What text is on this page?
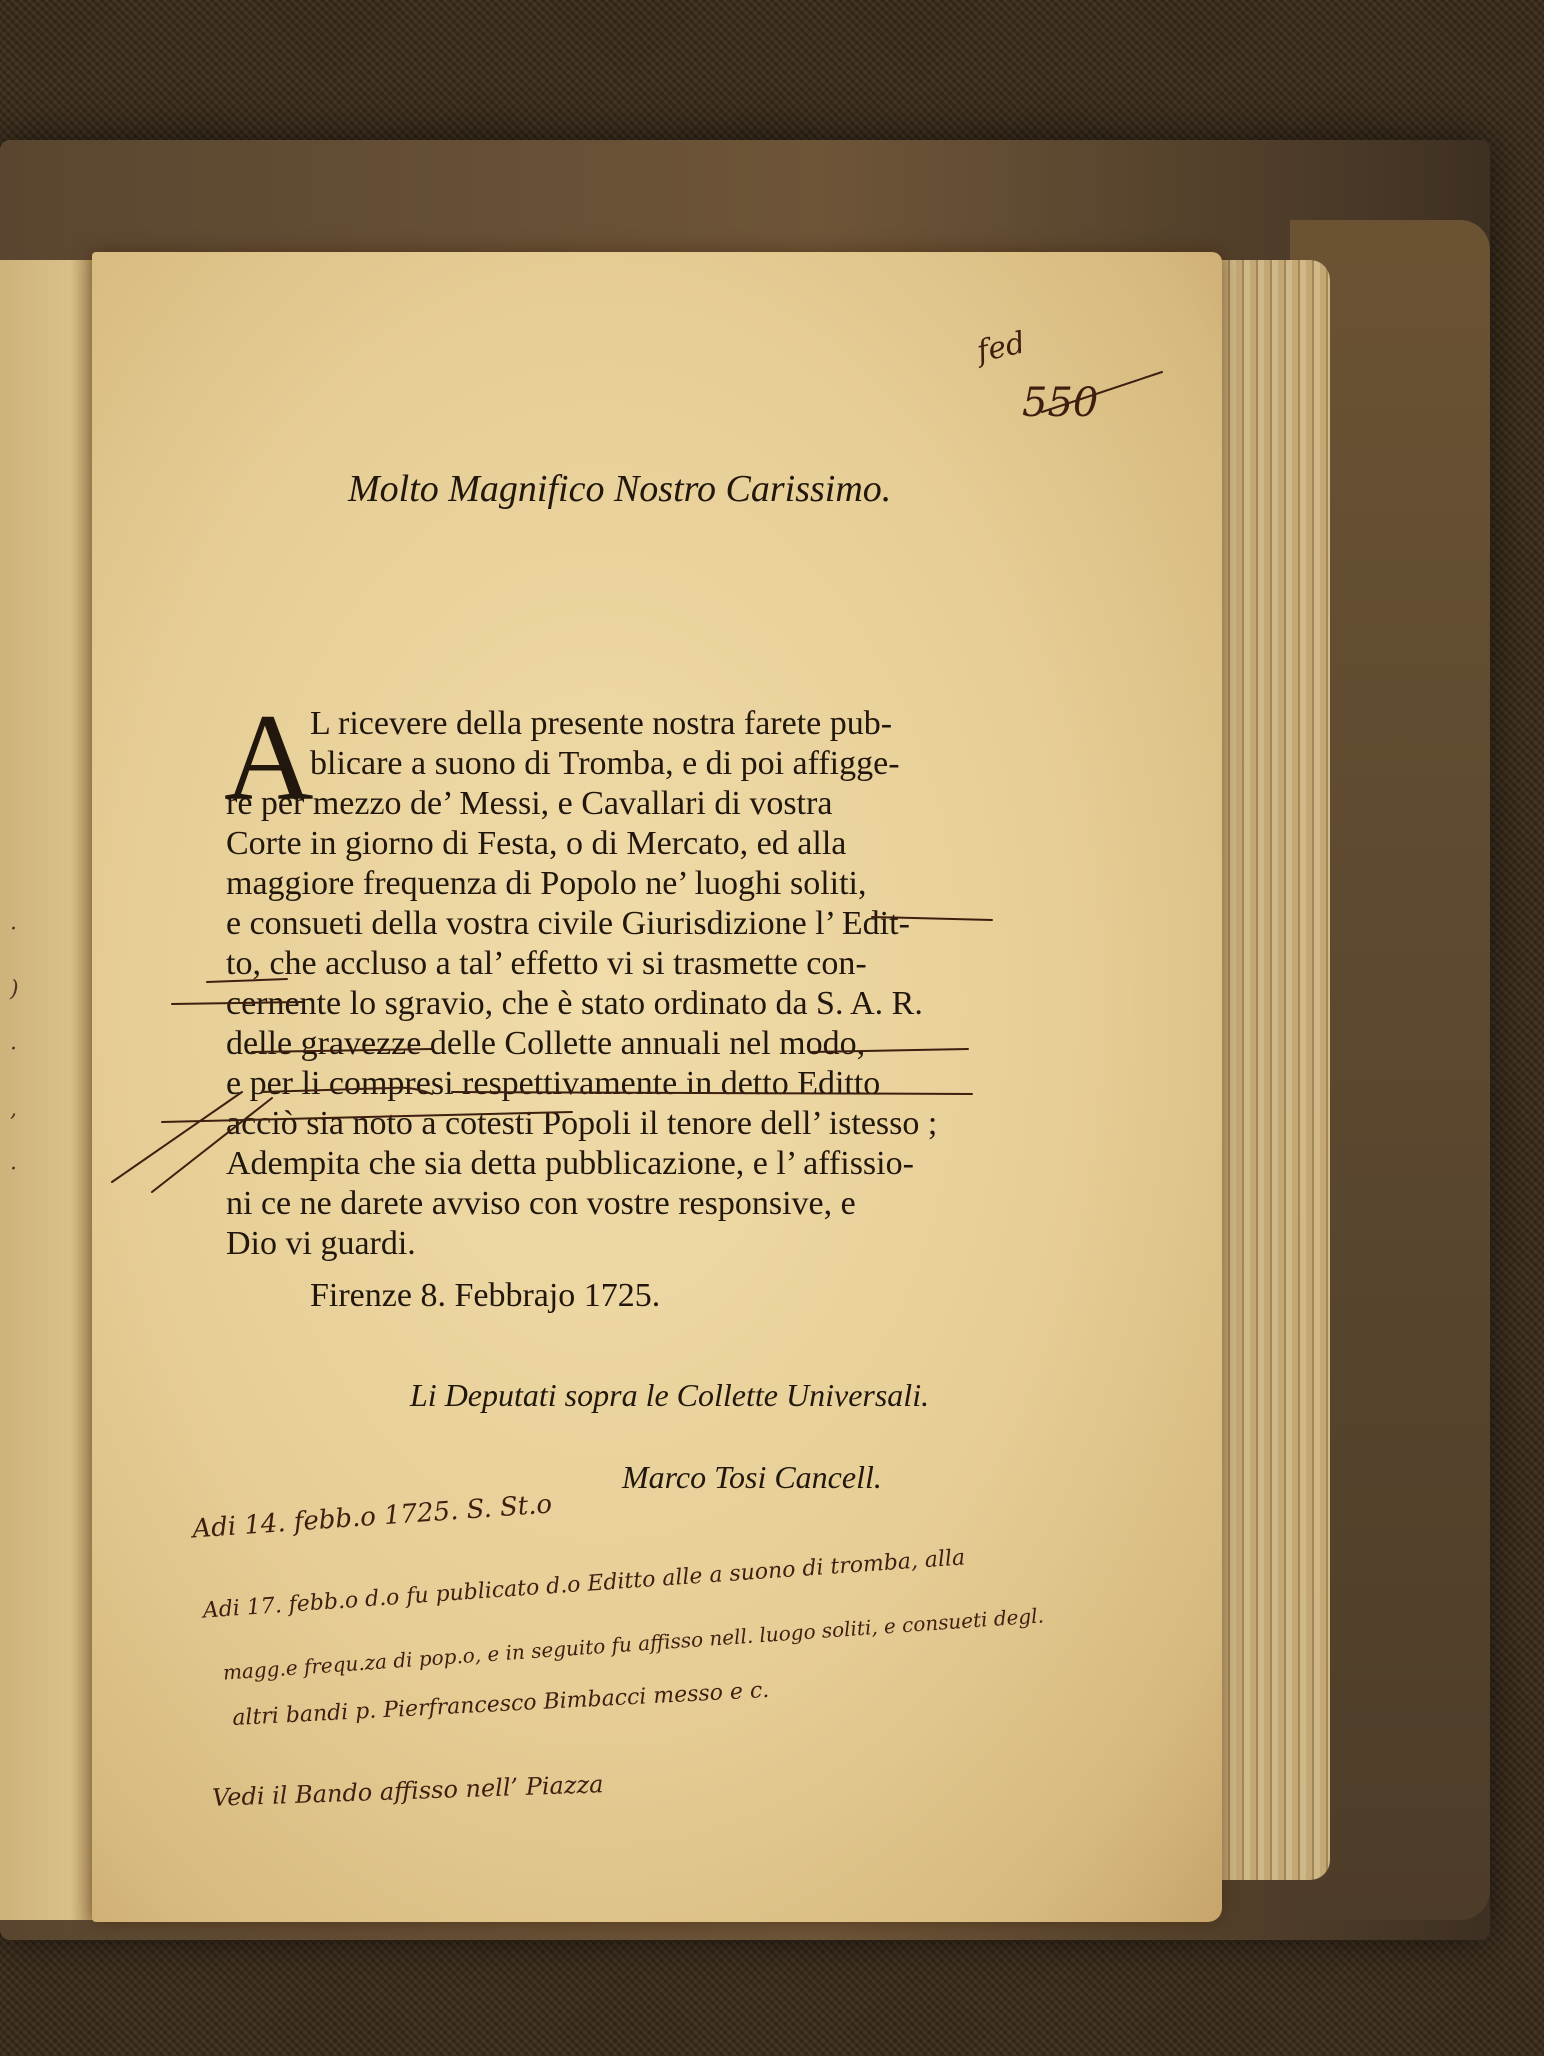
·
)
·
,
·
Molto Magnifico Nostro Carissimo.
A
L ricevere della presente nostra farete pub-
blicare a suono di Tromba, e di poi affigge-
re per mezzo de’ Messi, e Cavallari di vostra
Corte in giorno di Festa, o di Mercato, ed alla
maggiore frequenza di Popolo ne’ luoghi soliti,
e consueti della vostra civile Giurisdizione l’ Edit-
to, che accluso a tal’ effetto vi si trasmette con-
cernente lo sgravio, che è stato ordinato da S. A. R.
delle gravezze delle Collette annuali nel modo,
e per li compresi respettivamente in detto Editto
acciò sia noto a cotesti Popoli il tenore dell’ istesso ;
Adempita che sia detta pubblicazione, e l’ affissio-
ni ce ne darete avviso con vostre responsive, e
Dio vi guardi.
Firenze 8. Febbrajo 1725.
Li Deputati sopra le Collette Universali.
Marco Tosi Cancell.
fed
550
Adi 14. febb.o 1725. S. St.o
Adi 17. febb.o d.o fu publicato d.o Editto alle a suono di tromba, alla
magg.e frequ.za di pop.o, e in seguito fu affisso nell. luogo soliti, e consueti degl.
altri bandi p. Pierfrancesco Bimbacci messo e c.
Vedi il Bando affisso nell’ Piazza
